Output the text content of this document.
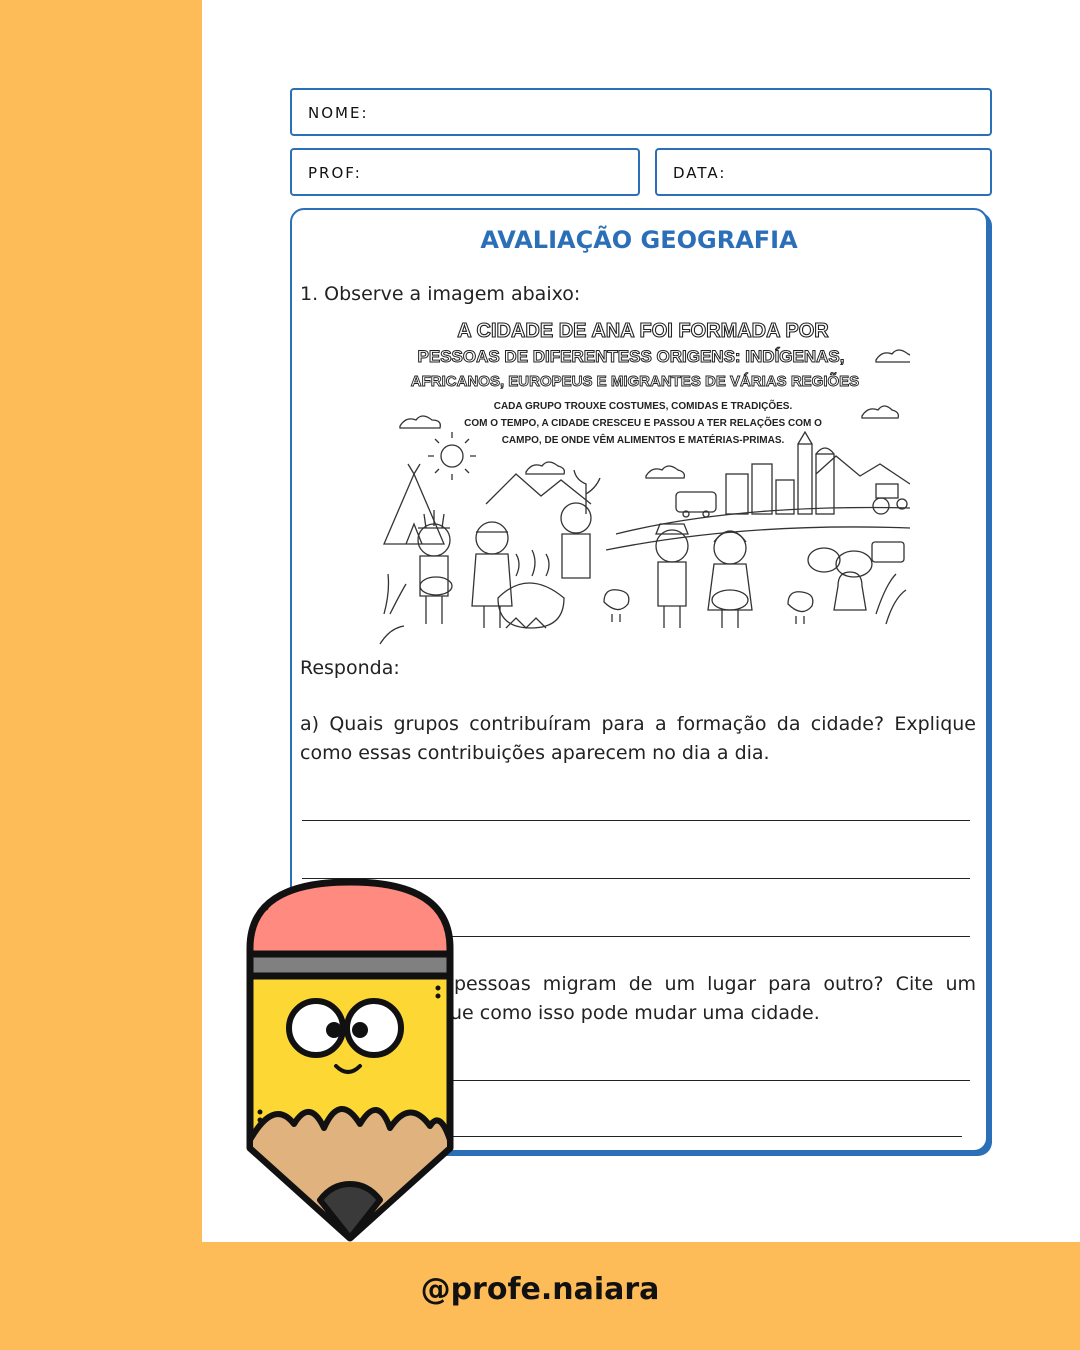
NOME:
PROF:	DATA:
AVALIAÇÃO GEOGRAFIA
1. Observe a imagem abaixo:
A CIDADE DE ANA FOI FORMADA POR
PESSOAS DE DIFERENTESS ORIGENS: INDÍGENAS,
AFRICANOS, EUROPEUS E MIGRANTES DE VÁRIAS REGIÕES
CADA GRUPO TROUXE COSTUMES, COMIDAS E TRADIÇÕES.
COM O TEMPO, A CIDADE CRESCEU E PASSOU A TER RELAÇÕES COM O
CAMPO, DE ONDE VÊM ALIMENTOS E MATÉRIAS-PRIMAS.
Responda:
a) Quais grupos contribuíram para a formação da cidade? Explique
como essas contribuições aparecem no dia a dia.
pessoas migram de um lugar para outro? Cite um
ue como isso pode mudar uma cidade.
@profe.naiara
